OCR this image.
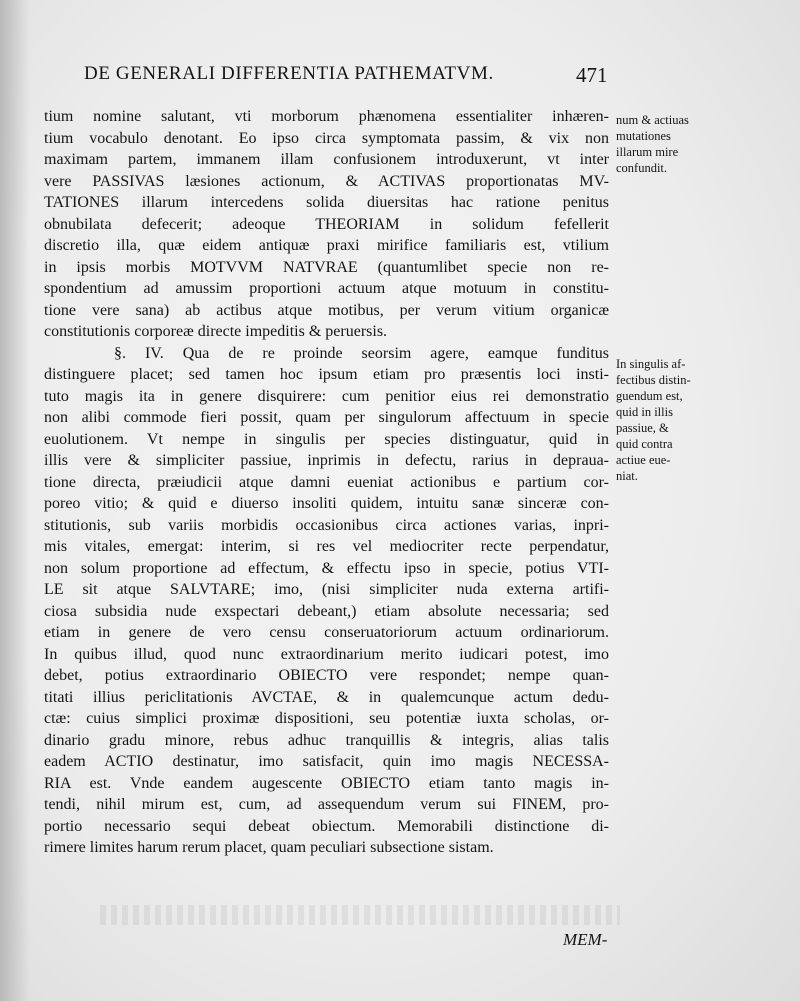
DE GENERALI DIFFERENTIA PATHEMATVM.	471
tium nomine salutant, vti morborum phænomena essentialiter inhæren-
tium vocabulo denotant. Eo ipso circa symptomata passim, & vix non
maximam partem, immanem illam confusionem introduxerunt, vt inter
vere PASSIVAS læsiones actionum, & ACTIVAS proportionatas MV-
TATIONES illarum intercedens solida diuersitas hac ratione penitus
obnubilata defecerit; adeoque THEORIAM in solidum fefellerit
discretio illa, quæ eidem antiquæ praxi mirifice familiaris est, vtilium
in ipsis morbis MOTVVM NATVRAE (quantumlibet specie non re-
spondentium ad amussim proportioni actuum atque motuum in constitu-
tione vere sana) ab actibus atque motibus, per verum vitium organicæ
constitutionis corporeæ directe impeditis & peruersis.
§. IV. Qua de re proinde seorsim agere, eamque funditus
distinguere placet; sed tamen hoc ipsum etiam pro præsentis loci insti-
tuto magis ita in genere disquirere: cum penitior eius rei demonstratio
non alibi commode fieri possit, quam per singulorum affectuum in specie
euolutionem. Vt nempe in singulis per species distinguatur, quid in
illis vere & simpliciter passiue, inprimis in defectu, rarius in deprauа-
tione directa, præiudicii atque damni eueniat actionibus e partium cor-
poreo vitio; & quid e diuerso insoliti quidem, intuitu sanæ sinceræ con-
stitutionis, sub variis morbidis occasionibus circa actiones varias, inpri-
mis vitales, emergat: interim, si res vel mediocriter recte perpendatur,
non solum proportione ad effectum, & effectu ipso in specie, potius VTI-
LE sit atque SALVTARE; imo, (nisi simpliciter nuda externa artifi-
ciosa subsidia nude exspectari debeant,) etiam absolute necessaria; sed
etiam in genere de vero censu conseruatoriorum actuum ordinariorum.
In quibus illud, quod nunc extraordinarium merito iudicari potest, imo
debet, potius extraordinario OBIECTO vere respondet; nempe quan-
titati illius periclitationis AVCTAE, & in qualemcunque actum dedu-
ctæ: cuius simplici proximæ dispositioni, seu potentiæ iuxta scholas, or-
dinario gradu minore, rebus adhuc tranquillis & integris, alias talis
eadem ACTIO destinatur, imo satisfacit, quin imo magis NECESSA-
RIA est. Vnde eandem augescente OBIECTO etiam tanto magis in-
tendi, nihil mirum est, cum, ad assequendum verum sui FINEM, pro-
portio necessario sequi debeat obiectum. Memorabili distinctione di-
rimere limites harum rerum placet, quam peculiari subsectione sistam.
num & actiuas
mutationes
illarum mire
confundit.
In singulis af-
fectibus distin-
guendum est,
quid in illis
passiue, &
quid contra
actiue eue-
niat.
MEM-
